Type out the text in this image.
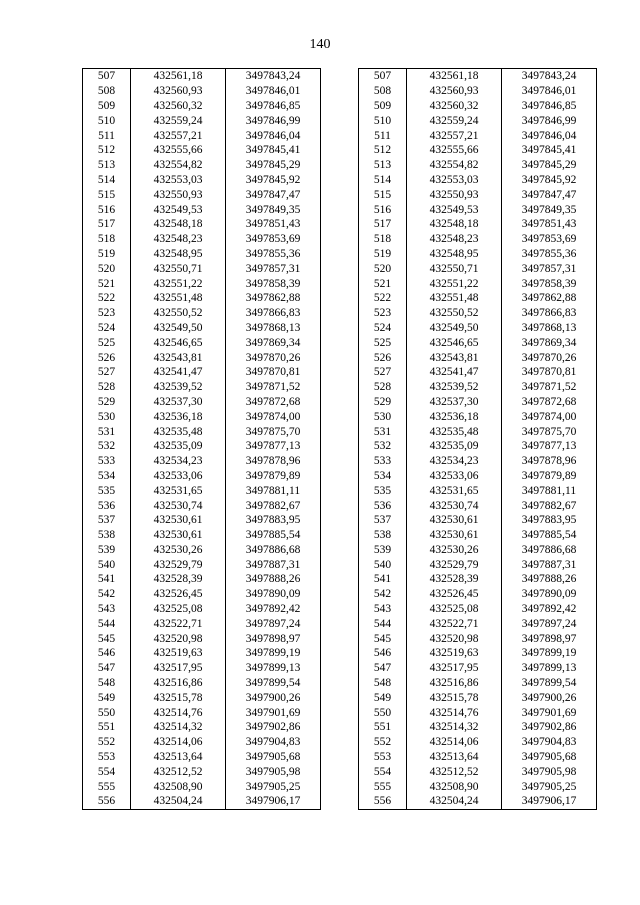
140
507	432561,18	3497843,24		507	432561,18	3497843,24
508	432560,93	3497846,01		508	432560,93	3497846,01
509	432560,32	3497846,85		509	432560,32	3497846,85
510	432559,24	3497846,99		510	432559,24	3497846,99
511	432557,21	3497846,04		511	432557,21	3497846,04
512	432555,66	3497845,41		512	432555,66	3497845,41
513	432554,82	3497845,29		513	432554,82	3497845,29
514	432553,03	3497845,92		514	432553,03	3497845,92
515	432550,93	3497847,47		515	432550,93	3497847,47
516	432549,53	3497849,35		516	432549,53	3497849,35
517	432548,18	3497851,43		517	432548,18	3497851,43
518	432548,23	3497853,69		518	432548,23	3497853,69
519	432548,95	3497855,36		519	432548,95	3497855,36
520	432550,71	3497857,31		520	432550,71	3497857,31
521	432551,22	3497858,39		521	432551,22	3497858,39
522	432551,48	3497862,88		522	432551,48	3497862,88
523	432550,52	3497866,83		523	432550,52	3497866,83
524	432549,50	3497868,13		524	432549,50	3497868,13
525	432546,65	3497869,34		525	432546,65	3497869,34
526	432543,81	3497870,26		526	432543,81	3497870,26
527	432541,47	3497870,81		527	432541,47	3497870,81
528	432539,52	3497871,52		528	432539,52	3497871,52
529	432537,30	3497872,68		529	432537,30	3497872,68
530	432536,18	3497874,00		530	432536,18	3497874,00
531	432535,48	3497875,70		531	432535,48	3497875,70
532	432535,09	3497877,13		532	432535,09	3497877,13
533	432534,23	3497878,96		533	432534,23	3497878,96
534	432533,06	3497879,89		534	432533,06	3497879,89
535	432531,65	3497881,11		535	432531,65	3497881,11
536	432530,74	3497882,67		536	432530,74	3497882,67
537	432530,61	3497883,95		537	432530,61	3497883,95
538	432530,61	3497885,54		538	432530,61	3497885,54
539	432530,26	3497886,68		539	432530,26	3497886,68
540	432529,79	3497887,31		540	432529,79	3497887,31
541	432528,39	3497888,26		541	432528,39	3497888,26
542	432526,45	3497890,09		542	432526,45	3497890,09
543	432525,08	3497892,42		543	432525,08	3497892,42
544	432522,71	3497897,24		544	432522,71	3497897,24
545	432520,98	3497898,97		545	432520,98	3497898,97
546	432519,63	3497899,19		546	432519,63	3497899,19
547	432517,95	3497899,13		547	432517,95	3497899,13
548	432516,86	3497899,54		548	432516,86	3497899,54
549	432515,78	3497900,26		549	432515,78	3497900,26
550	432514,76	3497901,69		550	432514,76	3497901,69
551	432514,32	3497902,86		551	432514,32	3497902,86
552	432514,06	3497904,83		552	432514,06	3497904,83
553	432513,64	3497905,68		553	432513,64	3497905,68
554	432512,52	3497905,98		554	432512,52	3497905,98
555	432508,90	3497905,25		555	432508,90	3497905,25
556	432504,24	3497906,17		556	432504,24	3497906,17
